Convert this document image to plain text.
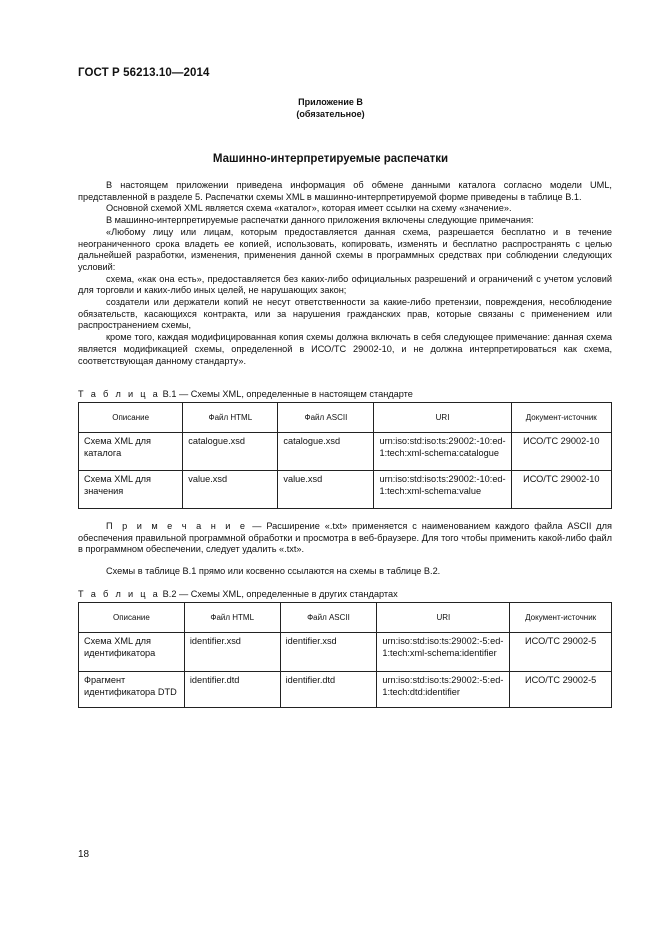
ГОСТ Р 56213.10—2014
Приложение В
(обязательное)
Машинно-интерпретируемые распечатки

В настоящем приложении приведена информация об обмене данными каталога согласно модели UML, представленной в разделе 5. Распечатки схемы XML в машинно-интерпретируемой форме приведены в таблице В.1.

Основной схемой XML является схема «каталог», которая имеет ссылки на схему «значение».

В машинно-интерпретируемые распечатки данного приложения включены следующие примечания:

«Любому лицу или лицам, которым предоставляется данная схема, разрешается бесплатно и в течение неограниченного срока владеть ее копией, использовать, копировать, изменять и бесплатно распространять с целью дальнейшей разработки, изменения, применения данной схемы в программных средствах при соблюдении следующих условий:

схема, «как она есть», предоставляется без каких-либо официальных разрешений и ограничений с учетом условий для торговли и каких-либо иных целей, не нарушающих закон;

создатели или держатели копий не несут ответственности за какие-либо претензии, повреждения, несоблюдение обязательств, касающихся контракта, или за нарушения гражданских прав, которые связаны с применением или распространением схемы,

кроме того, каждая модифицированная копия схемы должна включать в себя следующее примечание: данная схема является модификацией схемы, определенной в ИСО/ТС 29002-10, и не должна интерпретироваться как схема, соответствующая данному стандарту».

Т а б л и ц а В.1 — Схемы XML, определенные в настоящем стандарте
Описание	Файл HTML	Файл ASCII	URI	Документ-источник
Схема XML для каталога	catalogue.xsd	catalogue.xsd	urn:iso:std:iso:ts:29002:-10:ed-1:tech:xml-schema:catalogue	ИСО/ТС 29002-10
Схема XML для значения	value.xsd	value.xsd	urn:iso:std:iso:ts:29002:-10:ed-1:tech:xml-schema:value	ИСО/ТС 29002-10
П р и м е ч а н и е — Расширение «.txt» применяется с наименованием каждого файла ASCII для обеспечения правильной программной обработки и просмотра в веб-браузере. Для того чтобы применить какой-либо файл в программном обеспечении, следует удалить «.txt».
Схемы в таблице В.1 прямо или косвенно ссылаются на схемы в таблице В.2.
Т а б л и ц а В.2 — Схемы XML, определенные в других стандартах
Описание	Файл HTML	Файл ASCII	URI	Документ-источник
Схема XML для идентификатора	identifier.xsd	identifier.xsd	urn:iso:std:iso:ts:29002:-5:ed-1:tech:xml-schema:identifier	ИСО/ТС 29002-5
Фрагмент идентификатора DTD	identifier.dtd	identifier.dtd	urn:iso:std:iso:ts:29002:-5:ed-1:tech:dtd:identifier	ИСО/ТС 29002-5
18
